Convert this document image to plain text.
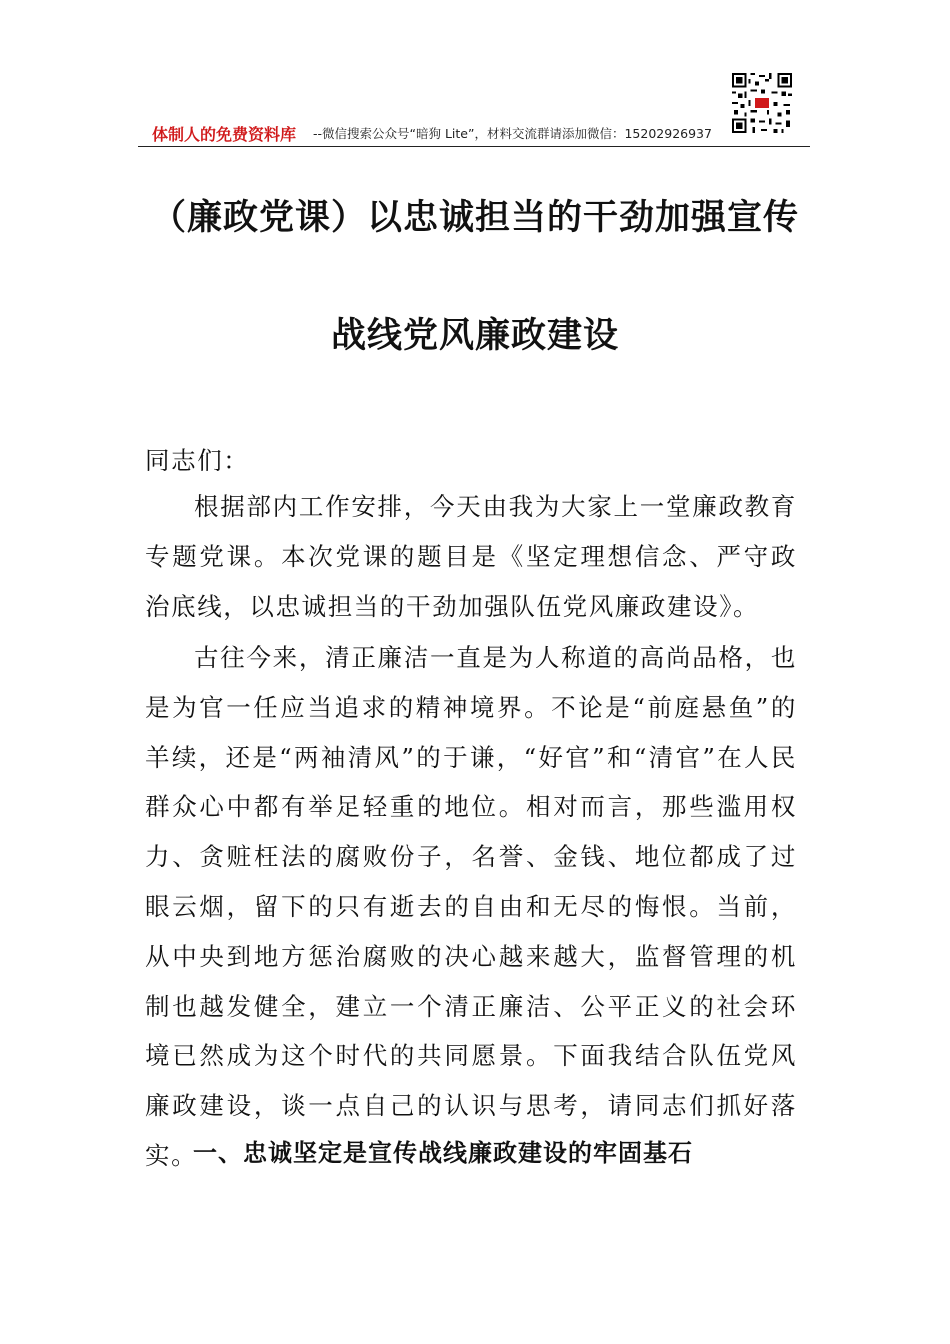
体制人的免费资料库 --微信搜索公众号“暗狗 Lite”，材料交流群请添加微信：15202926937
（廉政党课）以忠诚担当的干劲加强宣传
战线党风廉政建设

同志们：

根据部内工作安排，今天由我为大家上一堂廉政教育专题党课。本次党课的题目是《坚定理想信念、严守政治底线，以忠诚担当的干劲加强队伍党风廉政建设》。

古往今来，清正廉洁一直是为人称道的高尚品格，也是为官一任应当追求的精神境界。不论是“前庭悬鱼”的羊续，还是“两袖清风”的于谦，“好官”和“清官”在人民群众心中都有举足轻重的地位。相对而言，那些滥用权力、贪赃枉法的腐败份子，名誉、金钱、地位都成了过眼云烟，留下的只有逝去的自由和无尽的悔恨。当前，从中央到地方惩治腐败的决心越来越大，监督管理的机制也越发健全，建立一个清正廉洁、公平正义的社会环境已然成为这个时代的共同愿景。下面我结合队伍党风廉政建设，谈一点自己的认识与思考，请同志们抓好落实。

一、忠诚坚定是宣传战线廉政建设的牢固基石
